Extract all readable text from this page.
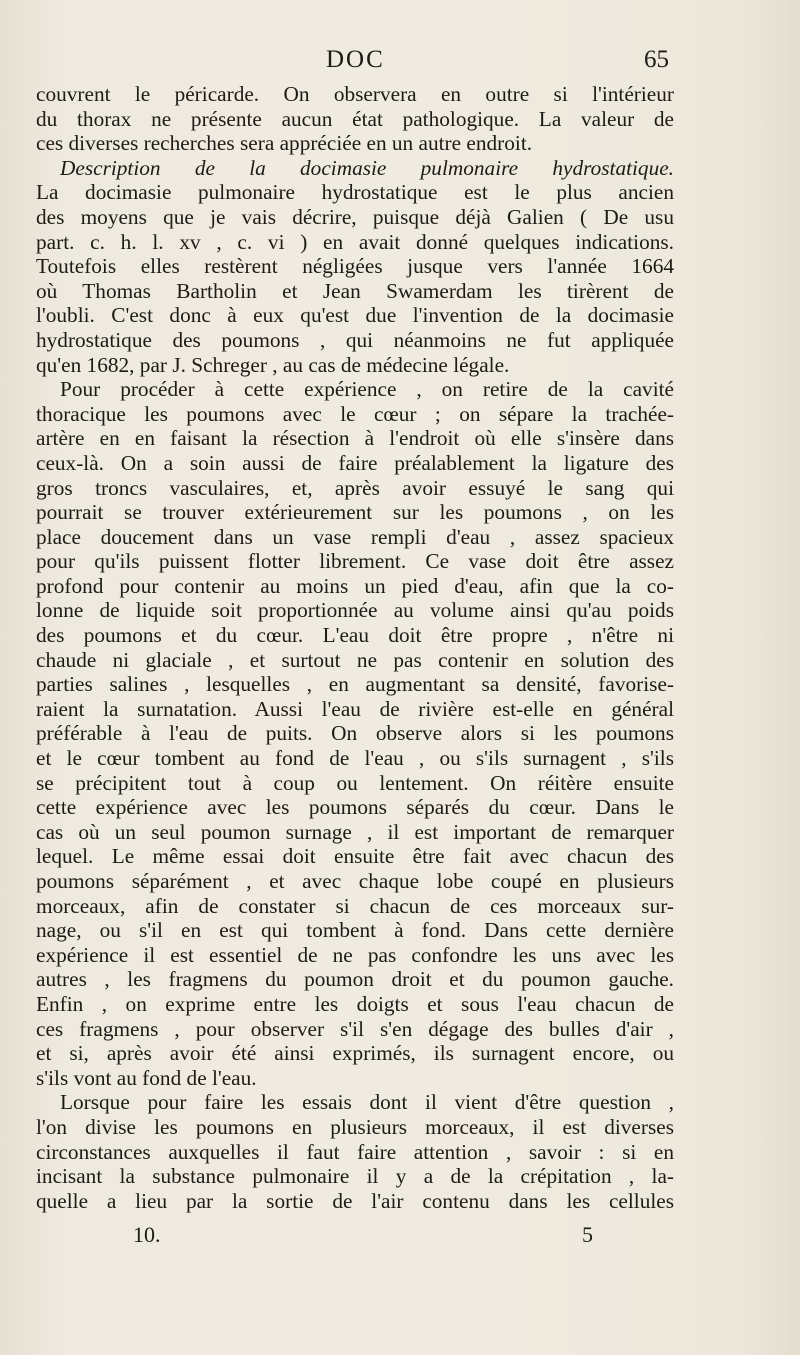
DOC	65
couvrent le péricarde. On observera en outre si l'intérieur
du thorax ne présente aucun état pathologique. La valeur de
ces diverses recherches sera appréciée en un autre endroit.
Description de la docimasie pulmonaire hydrostatique.
La docimasie pulmonaire hydrostatique est le plus ancien
des moyens que je vais décrire, puisque déjà Galien ( De usu
part. c. h. l. xv , c. vi ) en avait donné quelques indications.
Toutefois elles restèrent négligées jusque vers l'année 1664
où Thomas Bartholin et Jean Swamerdam les tirèrent de
l'oubli. C'est donc à eux qu'est due l'invention de la docimasie
hydrostatique des poumons , qui néanmoins ne fut appliquée
qu'en 1682, par J. Schreger , au cas de médecine légale.
Pour procéder à cette expérience , on retire de la cavité
thoracique les poumons avec le cœur ; on sépare la trachée-
artère en en faisant la résection à l'endroit où elle s'insère dans
ceux-là. On a soin aussi de faire préalablement la ligature des
gros troncs vasculaires, et, après avoir essuyé le sang qui
pourrait se trouver extérieurement sur les poumons , on les
place doucement dans un vase rempli d'eau , assez spacieux
pour qu'ils puissent flotter librement. Ce vase doit être assez
profond pour contenir au moins un pied d'eau, afin que la co-
lonne de liquide soit proportionnée au volume ainsi qu'au poids
des poumons et du cœur. L'eau doit être propre , n'être ni
chaude ni glaciale , et surtout ne pas contenir en solution des
parties salines , lesquelles , en augmentant sa densité, favorise-
raient la surnatation. Aussi l'eau de rivière est-elle en général
préférable à l'eau de puits. On observe alors si les poumons
et le cœur tombent au fond de l'eau , ou s'ils surnagent , s'ils
se précipitent tout à coup ou lentement. On réitère ensuite
cette expérience avec les poumons séparés du cœur. Dans le
cas où un seul poumon surnage , il est important de remarquer
lequel. Le même essai doit ensuite être fait avec chacun des
poumons séparément , et avec chaque lobe coupé en plusieurs
morceaux, afin de constater si chacun de ces morceaux sur-
nage, ou s'il en est qui tombent à fond. Dans cette dernière
expérience il est essentiel de ne pas confondre les uns avec les
autres , les fragmens du poumon droit et du poumon gauche.
Enfin , on exprime entre les doigts et sous l'eau chacun de
ces fragmens , pour observer s'il s'en dégage des bulles d'air ,
et si, après avoir été ainsi exprimés, ils surnagent encore, ou
s'ils vont au fond de l'eau.
Lorsque pour faire les essais dont il vient d'être question ,
l'on divise les poumons en plusieurs morceaux, il est diverses
circonstances auxquelles il faut faire attention , savoir : si en
incisant la substance pulmonaire il y a de la crépitation , la-
quelle a lieu par la sortie de l'air contenu dans les cellules
10.	5
